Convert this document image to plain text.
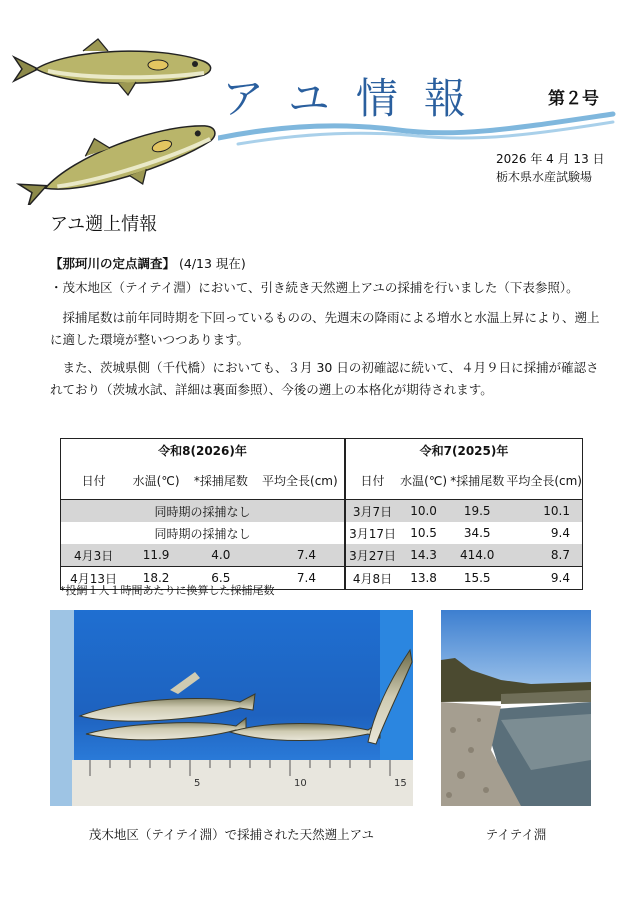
アユ情報	第２号
2026 年 4 月 13 日
栃木県水産試験場
アユ遡上情報
【那珂川の定点調査】 (4/13 現在)
・茂木地区（テイテイ淵）において、引き続き天然遡上アユの採捕を行いました（下表参照）。
　採捕尾数は前年同時期を下回っているものの、先週末の降雨による増水と水温上昇により、遡上に適した環境が整いつつあります。
　また、茨城県側（千代橋）においても、３月 30 日の初確認に続いて、４月９日に採捕が確認されており（茨城水試、詳細は裏面参照）、今後の遡上の本格化が期待されます。
令和8(2026)年			
日付	水温(℃)	*採捕尾数	平均全長(cm)
同時期の採捕なし			
同時期の採捕なし			
4月3日	11.9	4.0	7.4
4月13日	18.2	6.5	7.4
令和7(2025)年			
日付	水温(℃)	*採捕尾数	平均全長(cm)
3月7日	10.0	19.5	10.1
3月17日	10.5	34.5	9.4
3月27日	14.3	414.0	8.7
4月8日	13.8	15.5	9.4
*投網１人１時間あたりに換算した採捕尾数
5	10	15
茂木地区（テイテイ淵）で採捕された天然遡上アユ	テイテイ淵
